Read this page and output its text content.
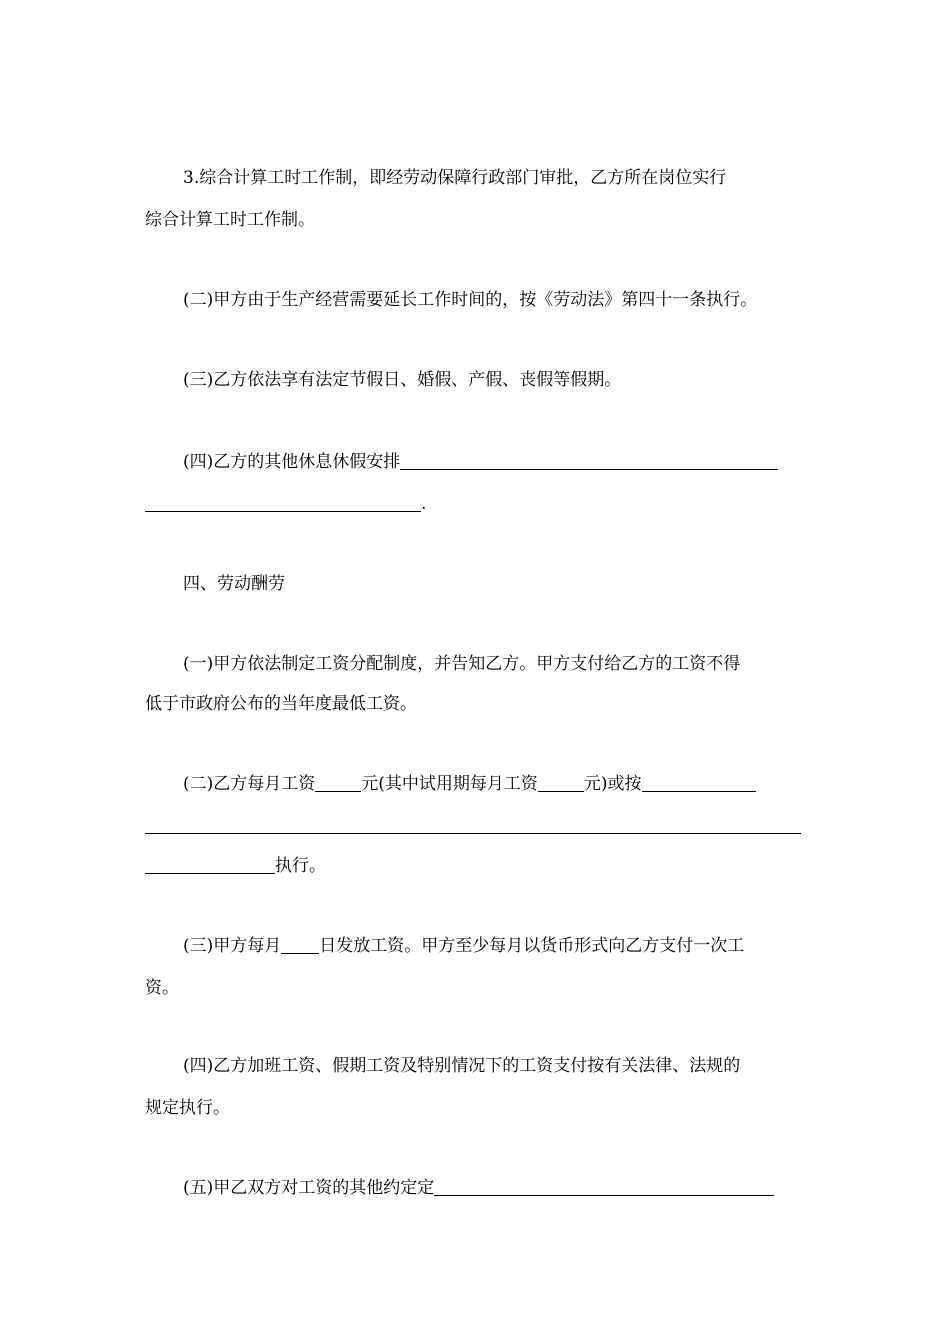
3.综合计算工时工作制，即经劳动保障行政部门审批，乙方所在岗位实行
综合计算工时工作制。
(二)甲方由于生产经营需要延长工作时间的，按《劳动法》第四十一条执行。
(三)乙方依法享有法定节假日、婚假、产假、丧假等假期。
(四)乙方的其他休息休假安排
.
四、劳动酬劳
(一)甲方依法制定工资分配制度，并告知乙方。甲方支付给乙方的工资不得
低于市政府公布的当年度最低工资。
(二)乙方每月工资	元(其中试用期每月工资	元)或按
执行。
(三)甲方每月 日发放工资。甲方至少每月以货币形式向乙方支付一次工
资。
(四)乙方加班工资、假期工资及特别情况下的工资支付按有关法律、法规的
规定执行。
(五)甲乙双方对工资的其他约定定
